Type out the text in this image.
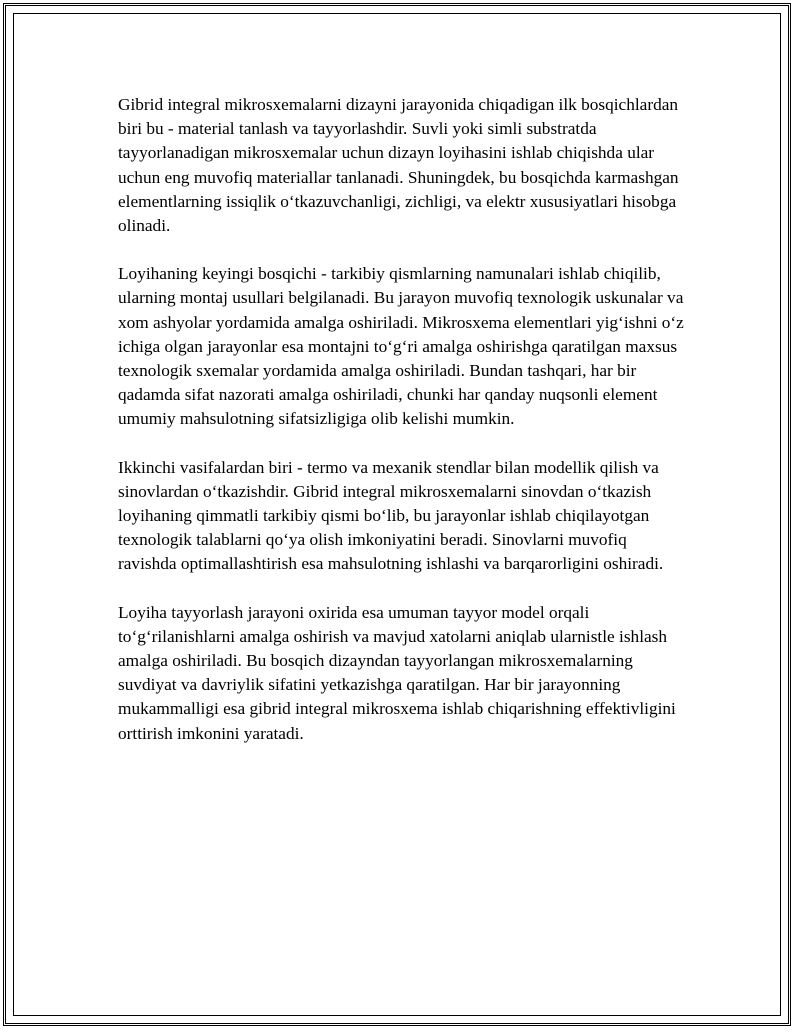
Gibrid integral mikrosxemalarni dizayni jarayonida chiqadigan ilk bosqichlardan biri bu - material tanlash va tayyorlashdir. Suvli yoki simli substratda tayyorlanadigan mikrosxemalar uchun dizayn loyihasini ishlab chiqishda ular uchun eng muvofiq materiallar tanlanadi. Shuningdek, bu bosqichda karmashgan elementlarning issiqlik o‘tkazuvchanligi, zichligi, va elektr xususiyatlari hisobga olinadi.

Loyihaning keyingi bosqichi - tarkibiy qismlarning namunalari ishlab chiqilib, ularning montaj usullari belgilanadi. Bu jarayon muvofiq texnologik uskunalar va xom ashyolar yordamida amalga oshiriladi. Mikrosxema elementlari yig‘ishni o‘z ichiga olgan jarayonlar esa montajni to‘g‘ri amalga oshirishga qaratilgan maxsus texnologik sxemalar yordamida amalga oshiriladi. Bundan tashqari, har bir qadamda sifat nazorati amalga oshiriladi, chunki har qanday nuqsonli element umumiy mahsulotning sifatsizligiga olib kelishi mumkin.

Ikkinchi vasifalardan biri - termo va mexanik stendlar bilan modellik qilish va sinovlardan o‘tkazishdir. Gibrid integral mikrosxemalarni sinovdan o‘tkazish loyihaning qimmatli tarkibiy qismi bo‘lib, bu jarayonlar ishlab chiqilayotgan texnologik talablarni qo‘ya olish imkoniyatini beradi. Sinovlarni muvofiq ravishda optimallashtirish esa mahsulotning ishlashi va barqarorligini oshiradi.

Loyiha tayyorlash jarayoni oxirida esa umuman tayyor model orqali to‘g‘rilanishlarni amalga oshirish va mavjud xatolarni aniqlab ularnistle ishlash amalga oshiriladi. Bu bosqich dizayndan tayyorlangan mikrosxemalarning suvdiyat va davriylik sifatini yetkazishga qaratilgan. Har bir jarayonning mukammalligi esa gibrid integral mikrosxema ishlab chiqarishning effektivligini orttirish imkonini yaratadi.
